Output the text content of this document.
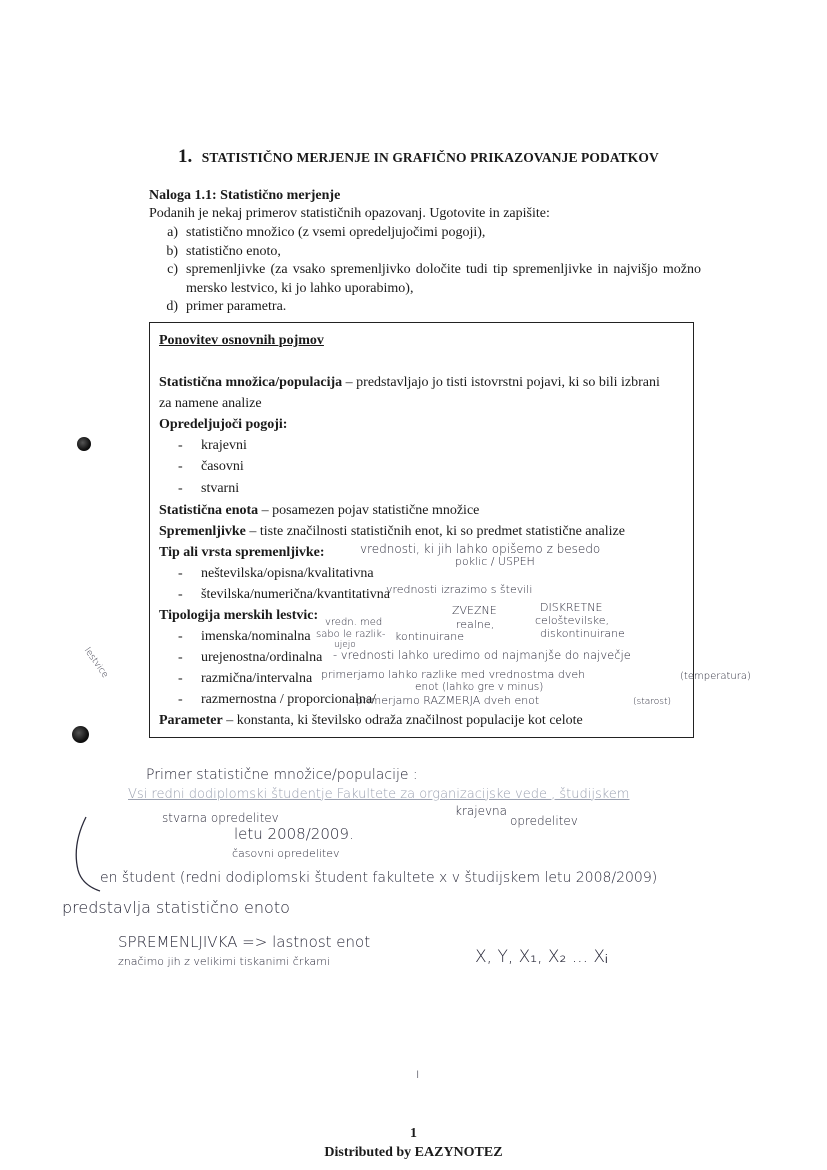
1. STATISTIČNO MERJENJE IN GRAFIČNO PRIKAZOVANJE PODATKOV
Naloga 1.1: Statistično merjenje
Podanih je nekaj primerov statističnih opazovanj. Ugotovite in zapišite:
a) statistično množico (z vsemi opredeljujočimi pogoji),
b) statistično enoto,
c) spremenljivke (za vsako spremenljivko določite tudi tip spremenljivke in najvišjo možno mersko lestvico, ki jo lahko uporabimo),
d) primer parametra.
Ponovitev osnovnih pojmov
Statistična množica/populacija – predstavljajo jo tisti istovrstni pojavi, ki so bili izbrani
za namene analize
Opredeljujoči pogoji:
- krajevni
- časovni
- stvarni
Statistična enota – posamezen pojav statistične množice
Spremenljivke – tiste značilnosti statističnih enot, ki so predmet statistične analize
Tip ali vrsta spremenljivke:
- neštevilska/opisna/kvalitativna
- številska/numerična/kvantitativna
Tipologija merskih lestvic:
- imenska/nominalna
- urejenostna/ordinalna
- razmična/intervalna
- razmernostna / proporcionalna/
Parameter – konstanta, ki številsko odraža značilnost populacije kot celote
vrednosti, ki jih lahko opišemo z besedo
poklic / USPEH
vrednosti izrazimo s števili
ZVEZNE
realne,
DISKRETNE
celoštevilske,
diskontinuirane
vredn. med
sabo le razlik-
ujejo
kontinuirane
- vrednosti lahko uredimo od najmanjše do največje
primerjamo lahko razlike med vrednostma dveh
enot (lahko gre v minus)
(temperatura)
primerjamo RAZMERJA dveh enot	(starost)
lestvice
Primer statistične množice/populacije :
Vsi redni dodiplomski študentje Fakultete za organizacijske vede , študijskem
stvarna opredelitev	krajevna
opredelitev
letu 2008/2009.
časovni opredelitev
en študent (redni dodiplomski študent fakultete x v študijskem letu 2008/2009)
predstavlja statistično enoto
SPREMENLJIVKA => lastnost enot
značimo jih z velikimi tiskanimi črkami	X, Y, X₁, X₂ ... Xᵢ
ı
1
Distributed by EAZYNOTEZ
